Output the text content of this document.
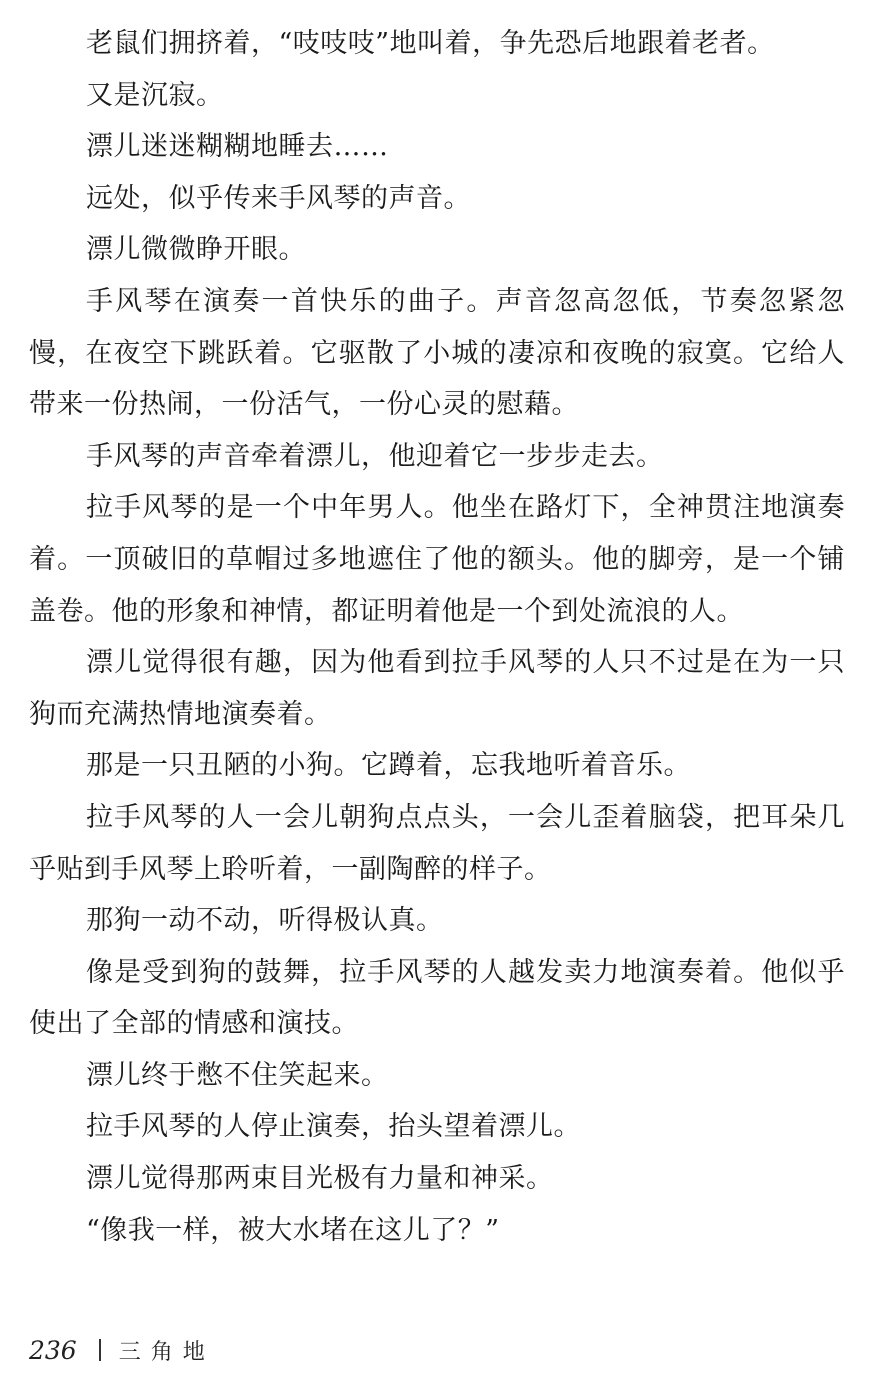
老鼠们拥挤着，“吱吱吱”地叫着，争先恐后地跟着老者。

又是沉寂。

漂儿迷迷糊糊地睡去……

远处，似乎传来手风琴的声音。

漂儿微微睁开眼。

手风琴在演奏一首快乐的曲子。声音忽高忽低，节奏忽紧忽慢，在夜空下跳跃着。它驱散了小城的凄凉和夜晚的寂寞。它给人带来一份热闹，一份活气，一份心灵的慰藉。

手风琴的声音牵着漂儿，他迎着它一步步走去。

拉手风琴的是一个中年男人。他坐在路灯下，全神贯注地演奏着。一顶破旧的草帽过多地遮住了他的额头。他的脚旁，是一个铺盖卷。他的形象和神情，都证明着他是一个到处流浪的人。

漂儿觉得很有趣，因为他看到拉手风琴的人只不过是在为一只狗而充满热情地演奏着。

那是一只丑陋的小狗。它蹲着，忘我地听着音乐。

拉手风琴的人一会儿朝狗点点头，一会儿歪着脑袋，把耳朵几乎贴到手风琴上聆听着，一副陶醉的样子。

那狗一动不动，听得极认真。

像是受到狗的鼓舞，拉手风琴的人越发卖力地演奏着。他似乎使出了全部的情感和演技。

漂儿终于憋不住笑起来。

拉手风琴的人停止演奏，抬头望着漂儿。

漂儿觉得那两束目光极有力量和神采。

“像我一样，被大水堵在这儿了？”

236 三角地
